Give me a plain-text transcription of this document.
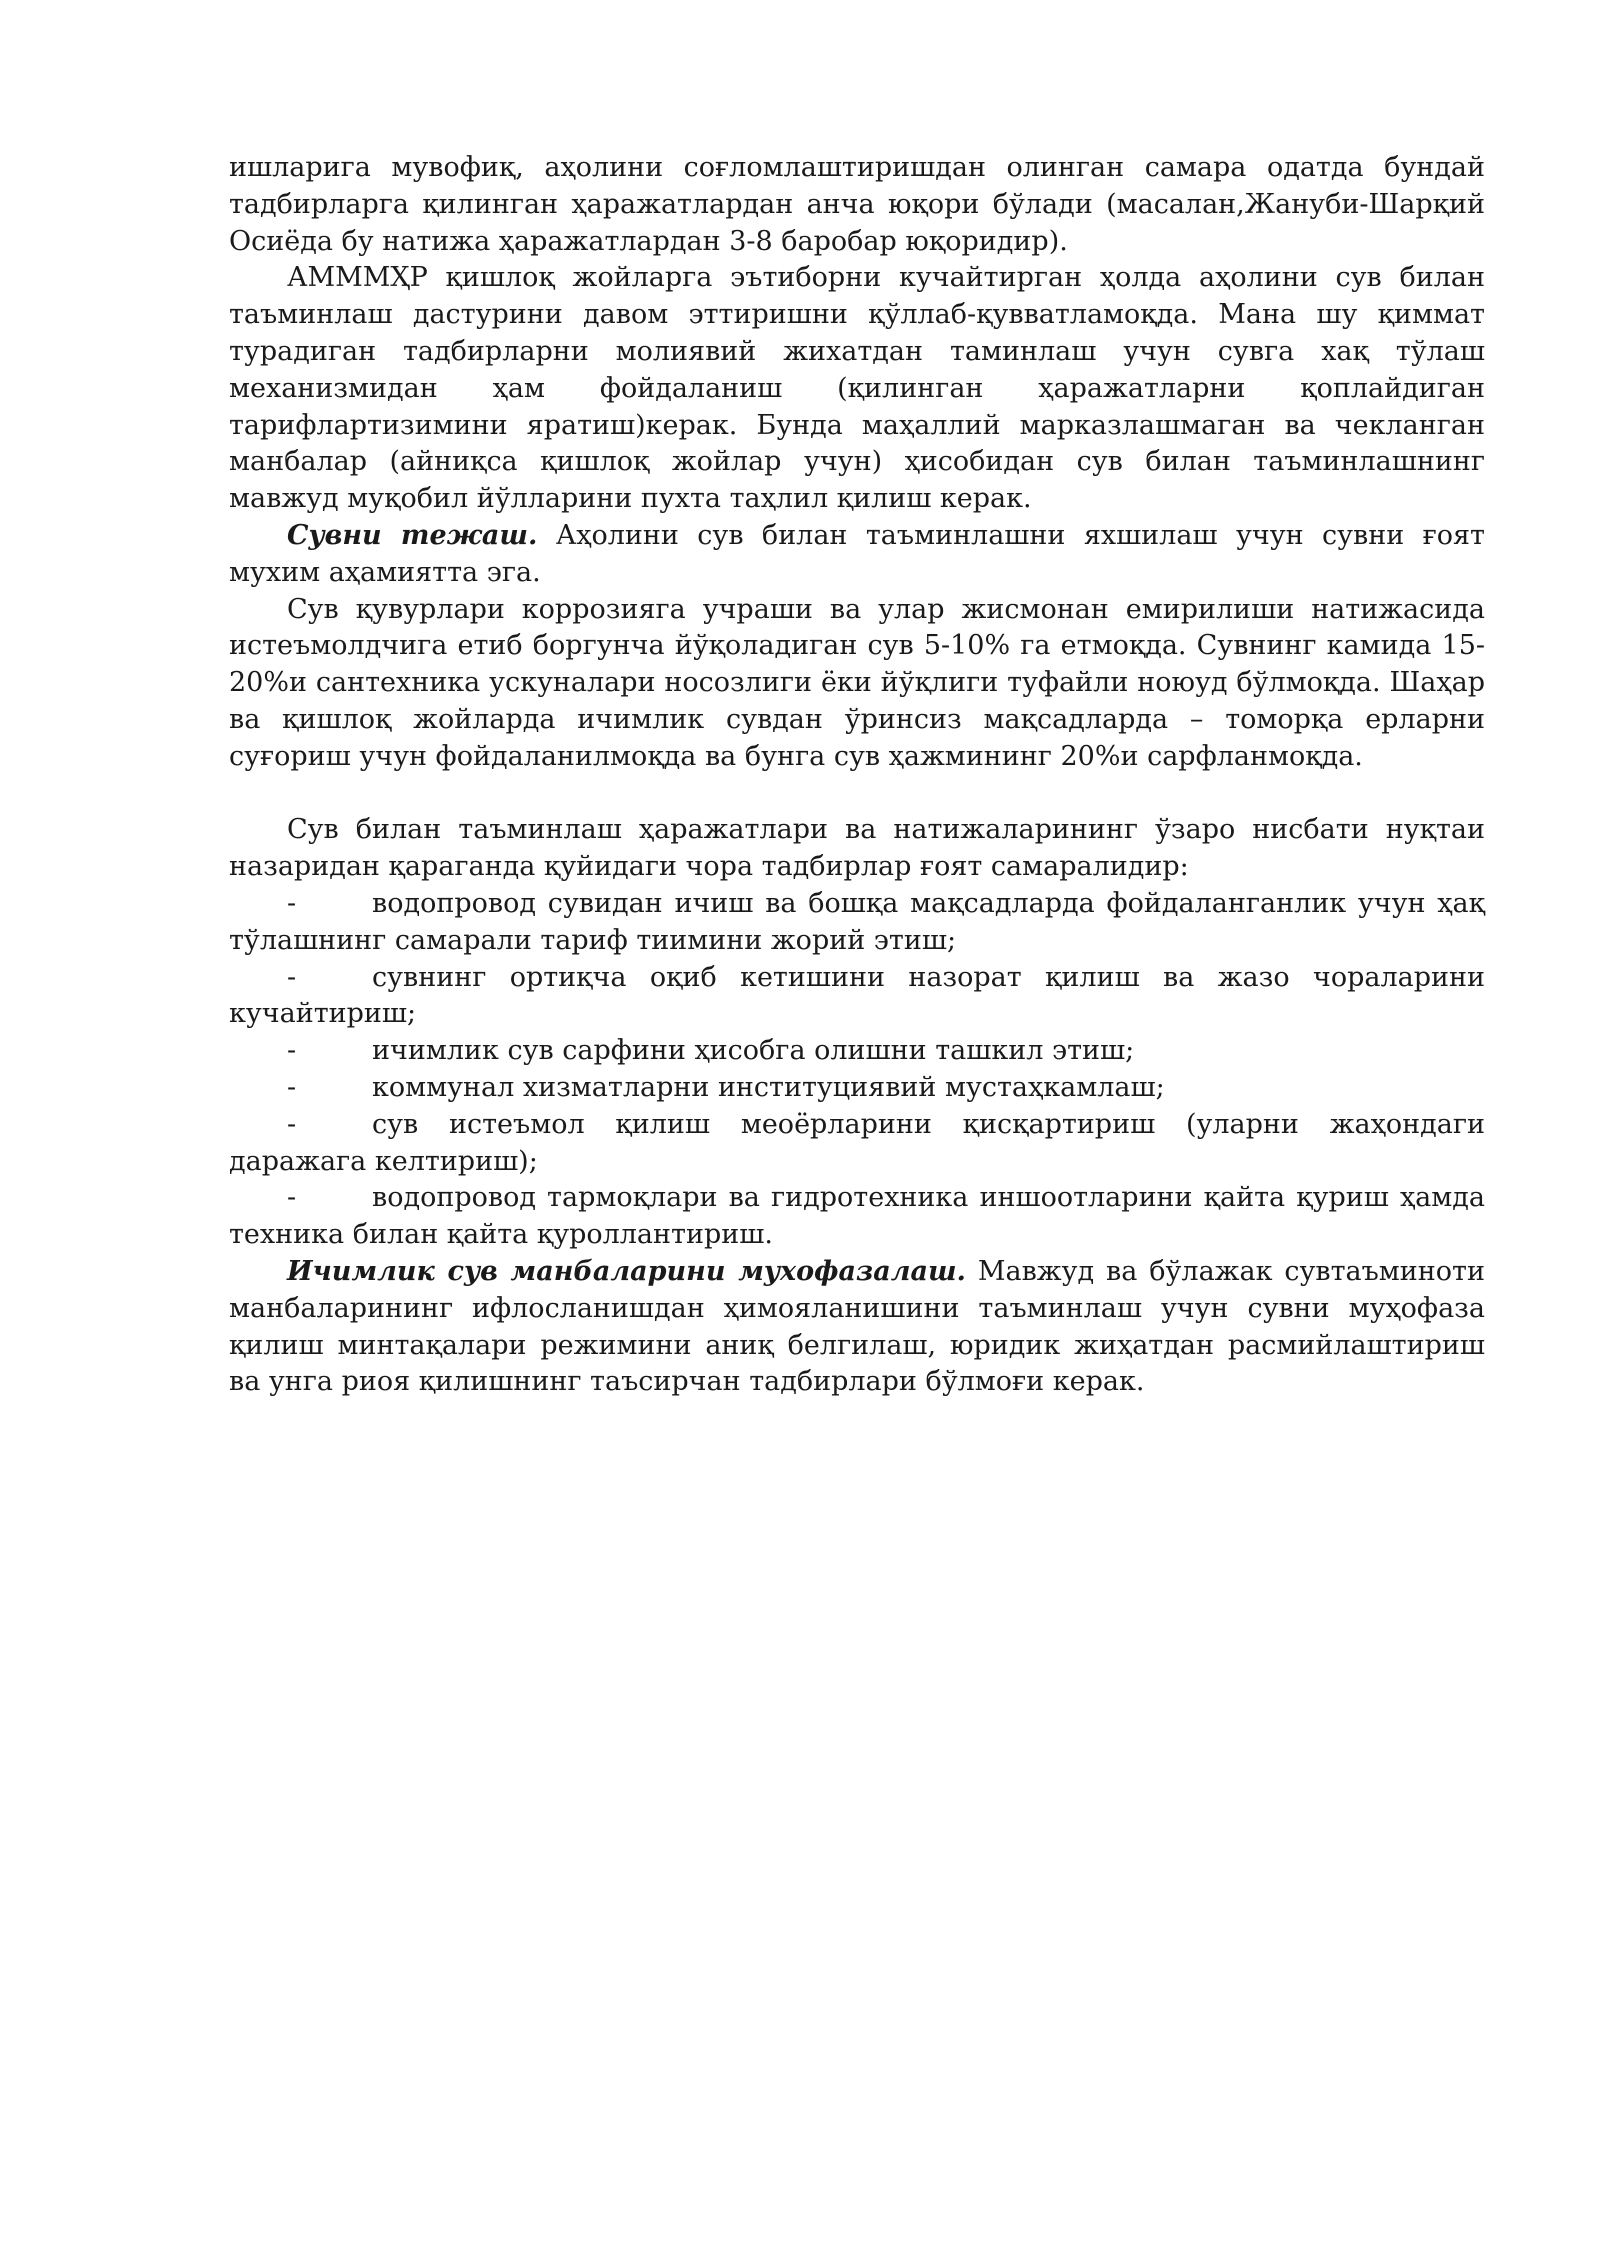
ишларига мувофиқ, аҳолини соғломлаштиришдан олинган самара одатда бундай тадбирларга қилинган ҳаражатлардан анча юқори бўлади (масалан,Жануби-Шарқий Осиёда бу натижа ҳаражатлардан 3-8 баробар юқоридир).

АММMҲР қишлоқ жойларга эътиборни кучайтирган ҳолда аҳолини сув билан таъминлаш дастурини давом эттиришни қўллаб-қувватламоқда. Мана шу қиммат турадиган тадбирларни молиявий жихатдан таминлаш учун сувга хақ тўлаш механизмидан ҳам фойдаланиш (қилинган ҳаражатларни қоплайдиган тарифлартизимини яратиш)керак. Бунда маҳаллий марказлашмаган ва чекланган манбалар (айниқса қишлоқ жойлар учун) ҳисобидан сув билан таъминлашнинг мавжуд муқобил йўлларини пухта таҳлил қилиш керак.

Сувни тежаш. Аҳолини сув билан таъминлашни яхшилаш учун сувни ғоят мухим аҳамиятта эга.

Сув қувурлари коррозияга учраши ва улар жисмонан емирилиши натижасида истеъмолдчига етиб боргунча йўқоладиган сув 5-10% га етмоқда. Сувнинг камида 15-20%и сантехника ускуналари носозлиги ёки йўқлиги туфайли ноюуд бўлмоқда. Шаҳар ва қишлоқ жойларда ичимлик сувдан ўринсиз мақсадларда – томорқа ерларни суғориш учун фойдаланилмоқда ва бунга сув ҳажмининг 20%и сарфланмоқда.

Сув билан таъминлаш ҳаражатлари ва натижаларининг ўзаро нисбати нуқтаи назаридан қараганда қуйидаги чора тадбирлар ғоят самаралидир:

-	водопровод сувидан ичиш ва бошқа мақсадларда фойдаланганлик учун ҳақ тўлашнинг самарали тариф тиимини жорий этиш;

-	сувнинг ортиқча оқиб кетишини назорат қилиш ва жазо чораларини кучайтириш;

-	ичимлик сув сарфини ҳисобга олишни ташкил этиш;

-	коммунал хизматларни институциявий мустаҳкамлаш;

-	сув истеъмол қилиш меоёрларини қисқартириш (уларни жаҳондаги даражага келтириш);

-	водопровод тармоқлари ва гидротехника иншоотларини қайта қуриш ҳамда техника билан қайта қуроллантириш.

Ичимлик сув манбаларини мухофазалаш. Мавжуд ва бўлажак сувтаъминоти манбаларининг ифлосланишдан ҳимояланишини таъминлаш учун сувни муҳофаза қилиш минтақалари режимини аниқ белгилаш, юридик жиҳатдан расмийлаштириш ва унга риоя қилишнинг таъсирчан тадбирлари бўлмоғи керак.
